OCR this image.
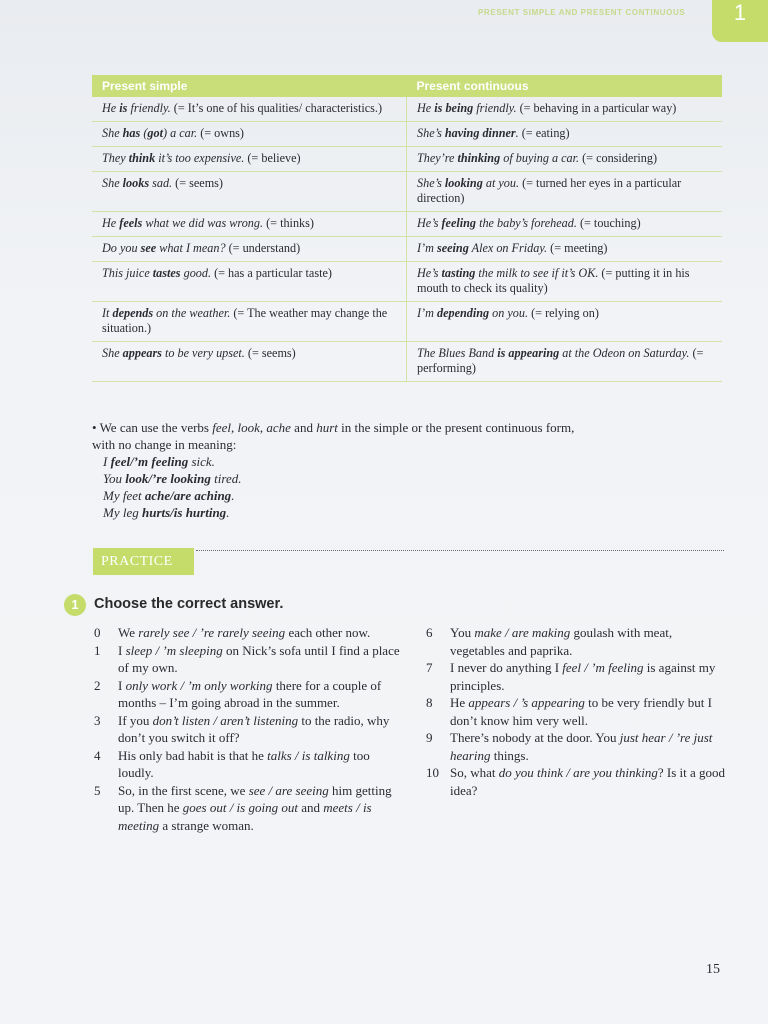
PRESENT SIMPLE AND PRESENT CONTINUOUS	1
Present simple	Present continuous
He is friendly. (= It’s one of his qualities/ characteristics.)	He is being friendly. (= behaving in a particular way)
She has (got) a car. (= owns)	She’s having dinner. (= eating)
They think it’s too expensive. (= believe)	They’re thinking of buying a car. (= considering)
She looks sad. (= seems)	She’s looking at you. (= turned her eyes in a particular direction)
He feels what we did was wrong. (= thinks)	He’s feeling the baby’s forehead. (= touching)
Do you see what I mean? (= understand)	I’m seeing Alex on Friday. (= meeting)
This juice tastes good. (= has a particular taste)	He’s tasting the milk to see if it’s OK. (= putting it in his mouth to check its quality)
It depends on the weather. (= The weather may change the situation.)	I’m depending on you. (= relying on)
She appears to be very upset. (= seems)	The Blues Band is appearing at the Odeon on Saturday. (= performing)
• We can use the verbs feel, look, ache and hurt in the simple or the present continuous form, with no change in meaning:
I feel/’m feeling sick.
You look/’re looking tired.
My feet ache/are aching.
My leg hurts/is hurting.
PRACTICE
1	Choose the correct answer.
0	We rarely see / ’re rarely seeing each other now.
1	I sleep / ’m sleeping on Nick’s sofa until I find a place of my own.
2	I only work / ’m only working there for a couple of months – I’m going abroad in the summer.
3	If you don’t listen / aren’t listening to the radio, why don’t you switch it off?
4	His only bad habit is that he talks / is talking too loudly.
5	So, in the first scene, we see / are seeing him getting up. Then he goes out / is going out and meets / is meeting a strange woman.
6	You make / are making goulash with meat, vegetables and paprika.
7	I never do anything I feel / ’m feeling is against my principles.
8	He appears / ’s appearing to be very friendly but I don’t know him very well.
9	There’s nobody at the door. You just hear / ’re just hearing things.
10 So, what do you think / are you thinking? Is it a good idea?
15
